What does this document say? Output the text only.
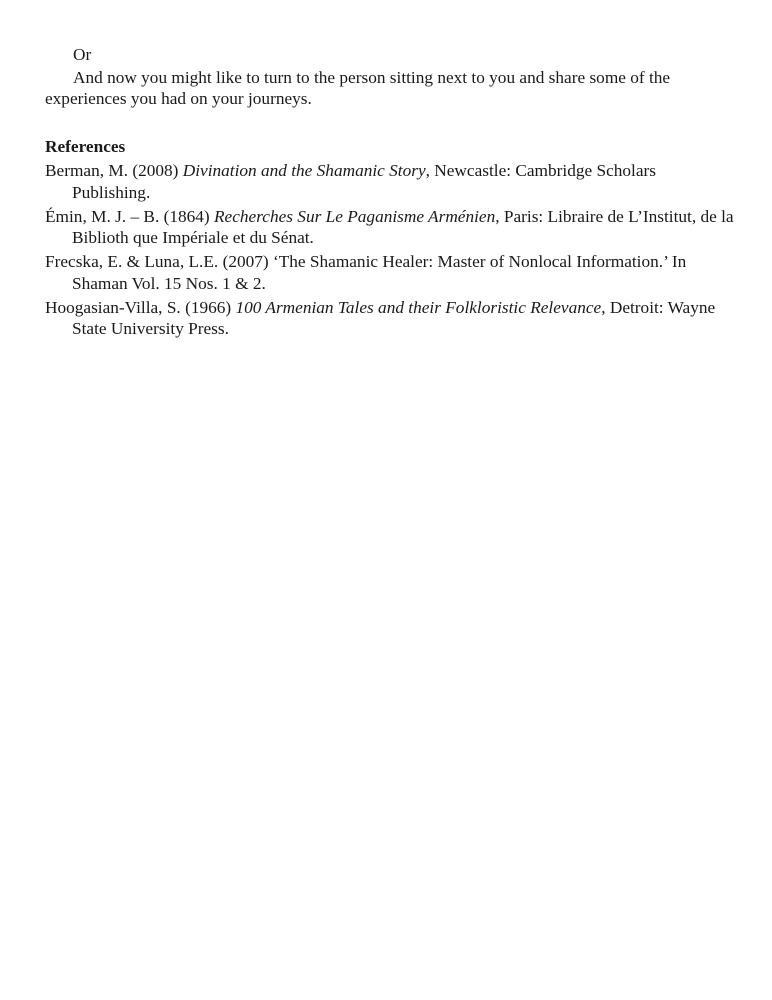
Or

And now you might like to turn to the person sitting next to you and share some of the experiences you had on your journeys.

References
Berman, M. (2008) Divination and the Shamanic Story, Newcastle: Cambridge Scholars Publishing.
Émin, M. J. – B. (1864) Recherches Sur Le Paganisme Arménien, Paris: Libraire de L’Institut, de la Biblioth que Impériale et du Sénat.
Frecska, E. & Luna, L.E. (2007) ‘The Shamanic Healer: Master of Nonlocal Information.’ In Shaman Vol. 15 Nos. 1 & 2.
Hoogasian-Villa, S. (1966) 100 Armenian Tales and their Folkloristic Relevance, Detroit: Wayne State University Press.
